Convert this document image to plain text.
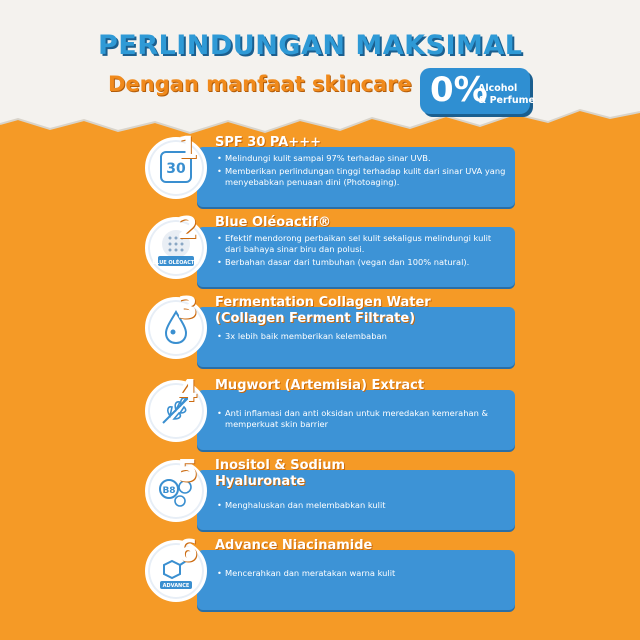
PERLINDUNGAN MAKSIMAL
Dengan manfaat skincare 0%
Alcohol
& Perfume
30
1 SPF 30 PA+++
• Melindungi kulit sampai 97% terhadap sinar UVB.
• Memberikan perlindungan tinggi terhadap kulit dari sinar UVA yang menyebabkan penuaan dini (Photoaging).
BLUE OLÉOACTIF
2 Blue Oléoactif®
• Efektif mendorong perbaikan sel kulit sekaligus melindungi kulit dari bahaya sinar biru dan polusi.
• Berbahan dasar dari tumbuhan (vegan dan 100% natural).
3 Fermentation Collagen Water
(Collagen Ferment Filtrate)
• 3x lebih baik memberikan kelembaban
4 Mugwort (Artemisia) Extract
• Anti inflamasi dan anti oksidan untuk meredakan kemerahan & memperkuat skin barrier
B8
5 Inositol & Sodium
Hyaluronate
• Menghaluskan dan melembabkan kulit
ADVANCE
6 Advance Niacinamide
• Mencerahkan dan meratakan warna kulit
